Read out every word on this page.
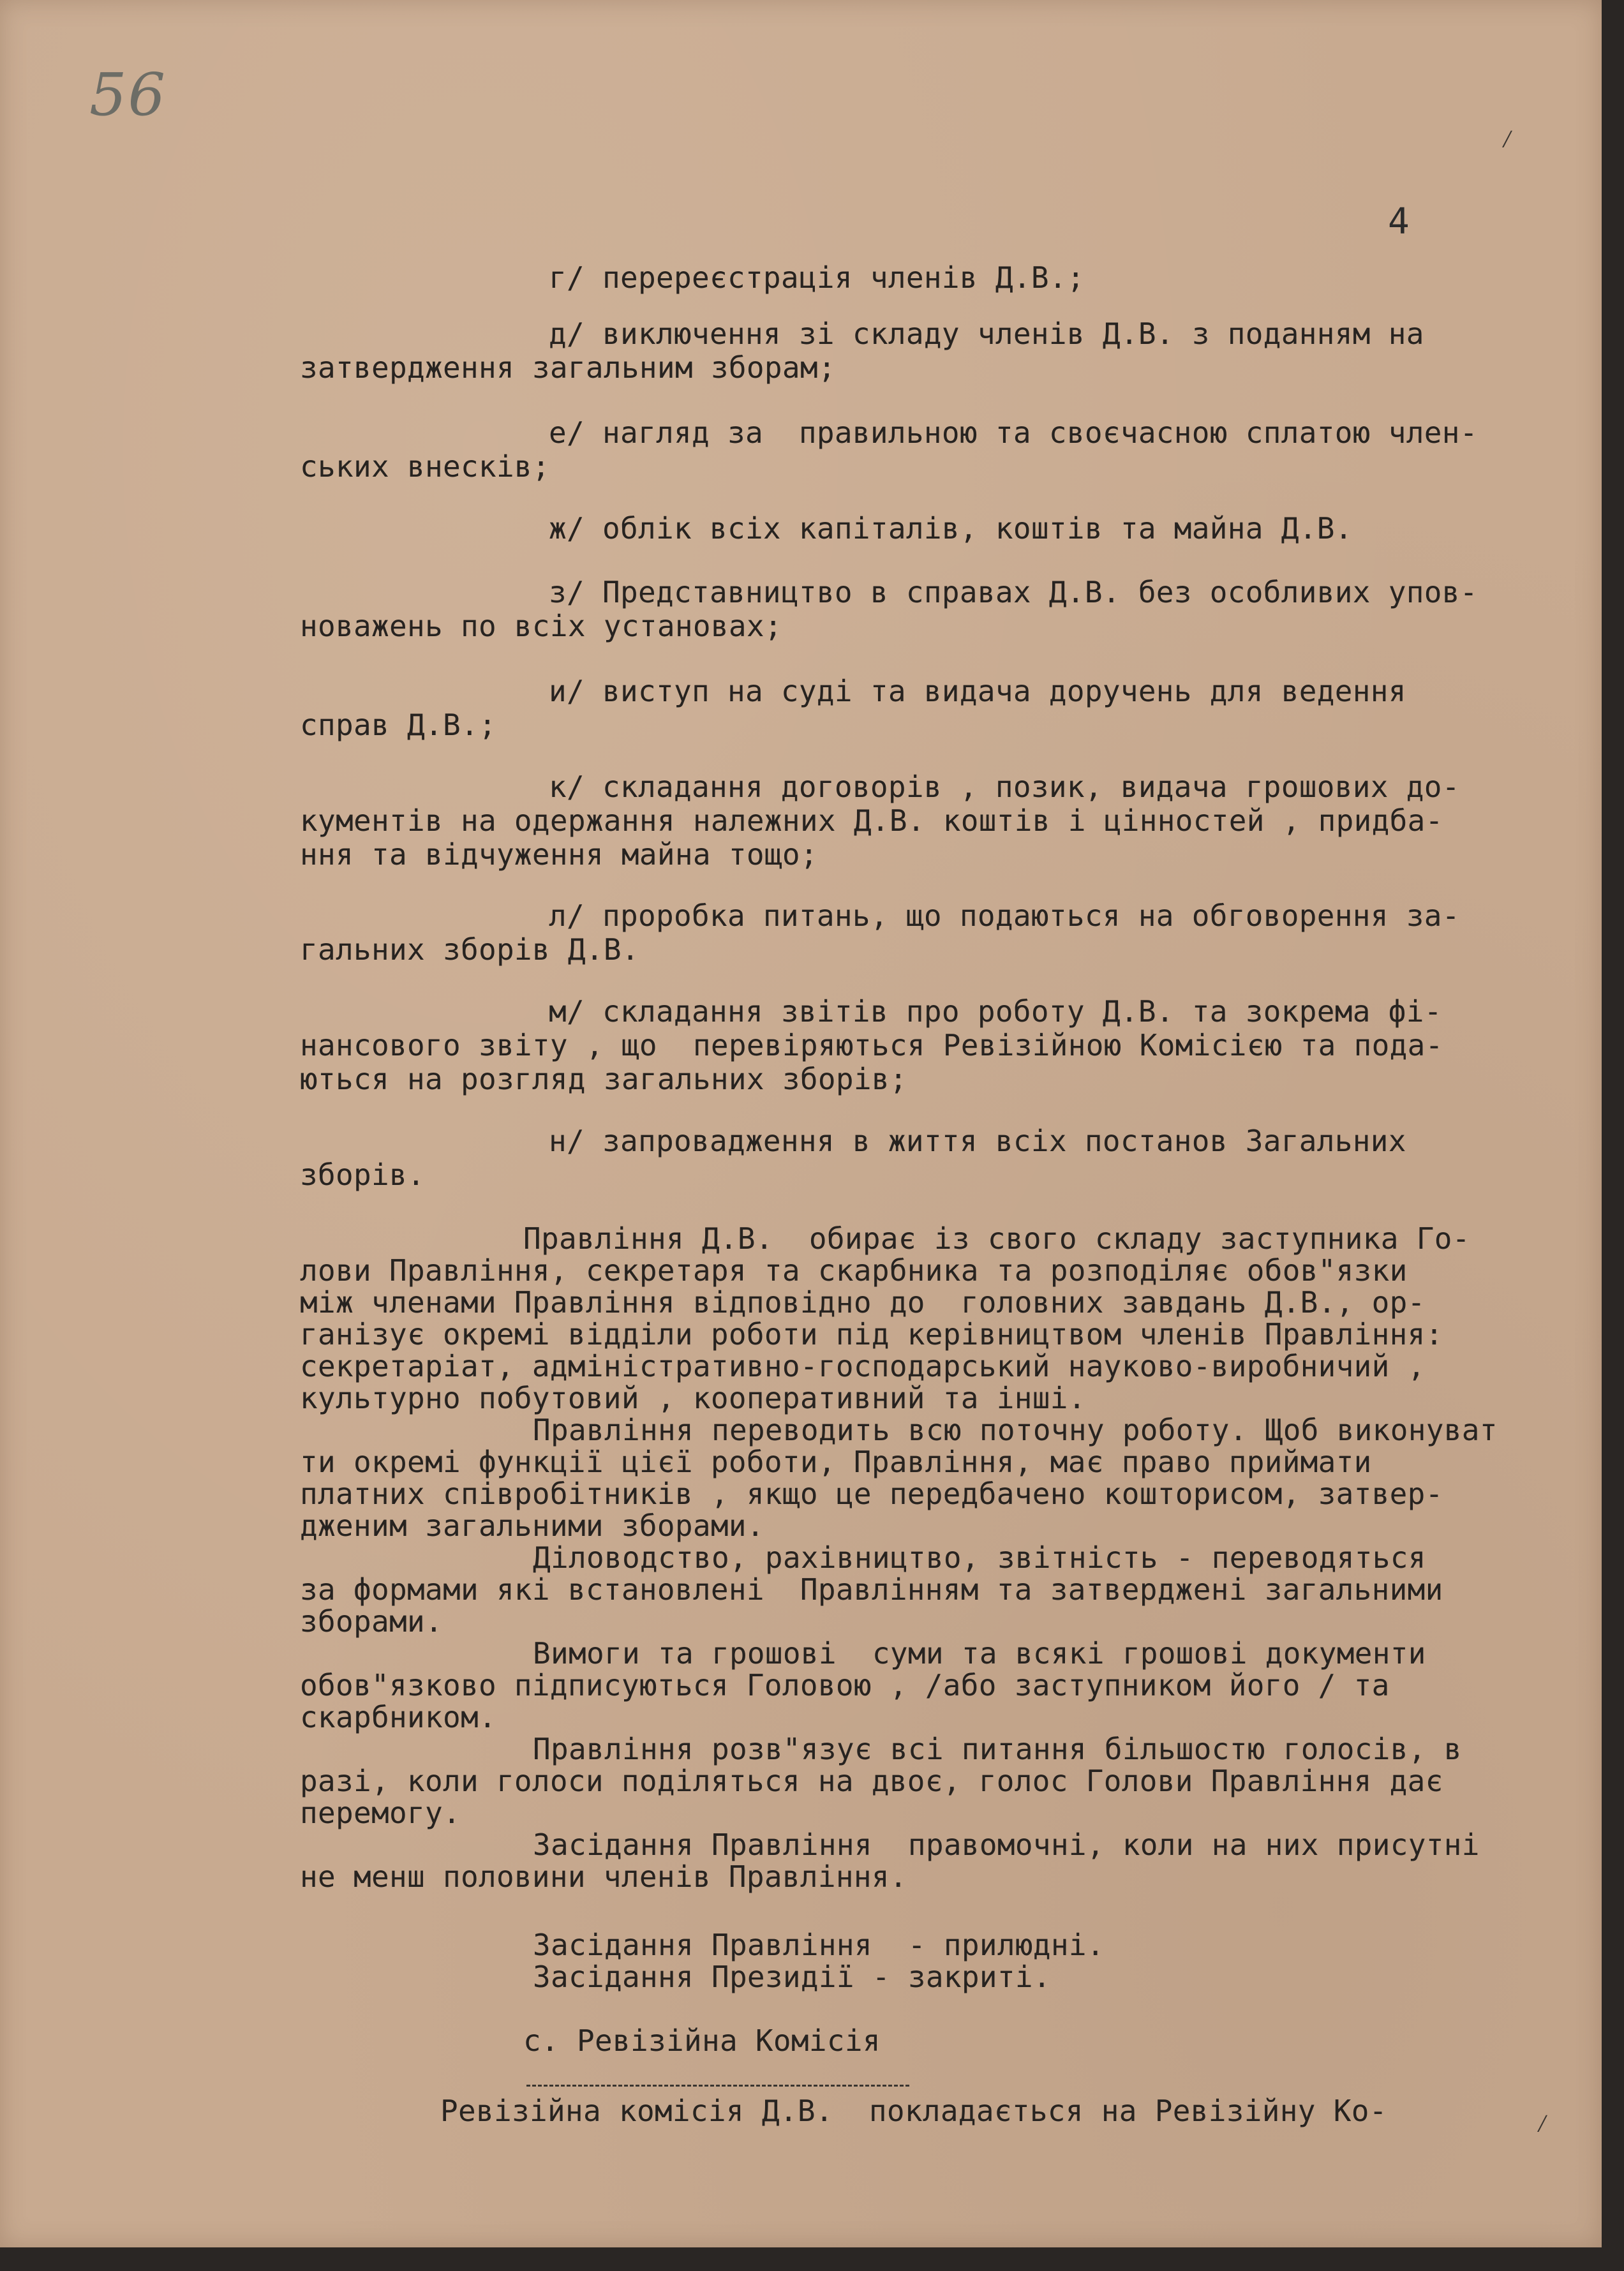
56
4
г/ перереєстрація членів Д.В.;
д/ виключення зі складу членів Д.В. з поданням на
затвердження загальним зборам;
е/ нагляд за  правильною та своєчасною сплатою член-
ських внесків;
ж/ облік всіх капіталів, коштів та майна Д.В.
з/ Представництво в справах Д.В. без особливих упов-
новажень по всіх установах;
и/ виступ на суді та видача доручень для ведення
справ Д.В.;
к/ складання договорів , позик, видача грошових до-
кументів на одержання належних Д.В. коштів і цінностей , придба-
ння та відчуження майна тощо;
л/ проробка питань, що подаються на обговорення за-
гальних зборів Д.В.
м/ складання звітів про роботу Д.В. та зокрема фі-
нансового звіту , що  перевіряються Ревізійною Комісією та пода-
ються на розгляд загальних зборів;
н/ запровадження в життя всіх постанов Загальних
зборів.
Правління Д.В.  обирає із свого складу заступника Го-
лови Правління, секретаря та скарбника та розподіляє обов"язки
між членами Правління відповідно до  головних завдань Д.В., ор-
ганізує окремі відділи роботи під керівництвом членів Правління:
секретаріат, адміністративно-господарський науково-виробничий ,
культурно побутовий , кооперативний та інші.
Правління переводить всю поточну роботу. Щоб виконуват
ти окремі функції цієї роботи, Правління, має право приймати
платних співробітників , якщо це передбачено кошторисом, затвер-
дженим загальними зборами.
Діловодство, рахівництво, звітність - переводяться
за формами які встановлені  Правлінням та затверджені загальними
зборами.
Вимоги та грошові  суми та всякі грошові документи
обов"язково підписуються Головою , /або заступником його / та
скарбником.
Правління розв"язує всі питання більшостю голосів, в
разі, коли голоси поділяться на двоє, голос Голови Правління дає
перемогу.
Засідання Правління  правомочні, коли на них присутні
не менш половини членів Правління.
Засідання Правління  - прилюдні.
Засідання Президії - закриті.
с. Ревізійна Комісія
Ревізійна комісія Д.В.  покладається на Ревізійну Ко-
⁄
⁄
